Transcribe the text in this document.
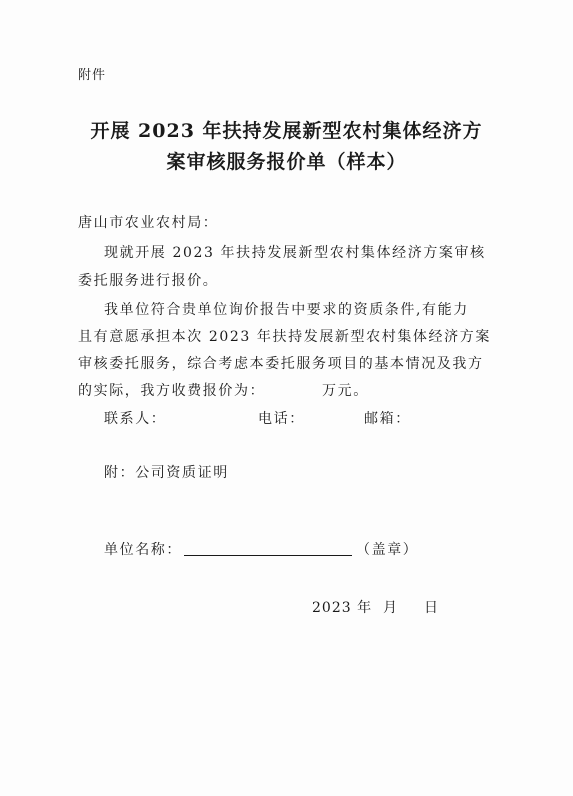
附件
开展 2023 年扶持发展新型农村集体经济方
案审核服务报价单（样本）
唐山市农业农村局：
现就开展 2023 年扶持发展新型农村集体经济方案审核
委托服务进行报价。
我单位符合贵单位询价报告中要求的资质条件,有能力
且有意愿承担本次 2023 年扶持发展新型农村集体经济方案
审核委托服务，综合考虑本委托服务项目的基本情况及我方
的实际，我方收费报价为：	万元。
联系人：	电话：	邮箱：
附：公司资质证明
单位名称：	（盖章）
2023 年 月 日
